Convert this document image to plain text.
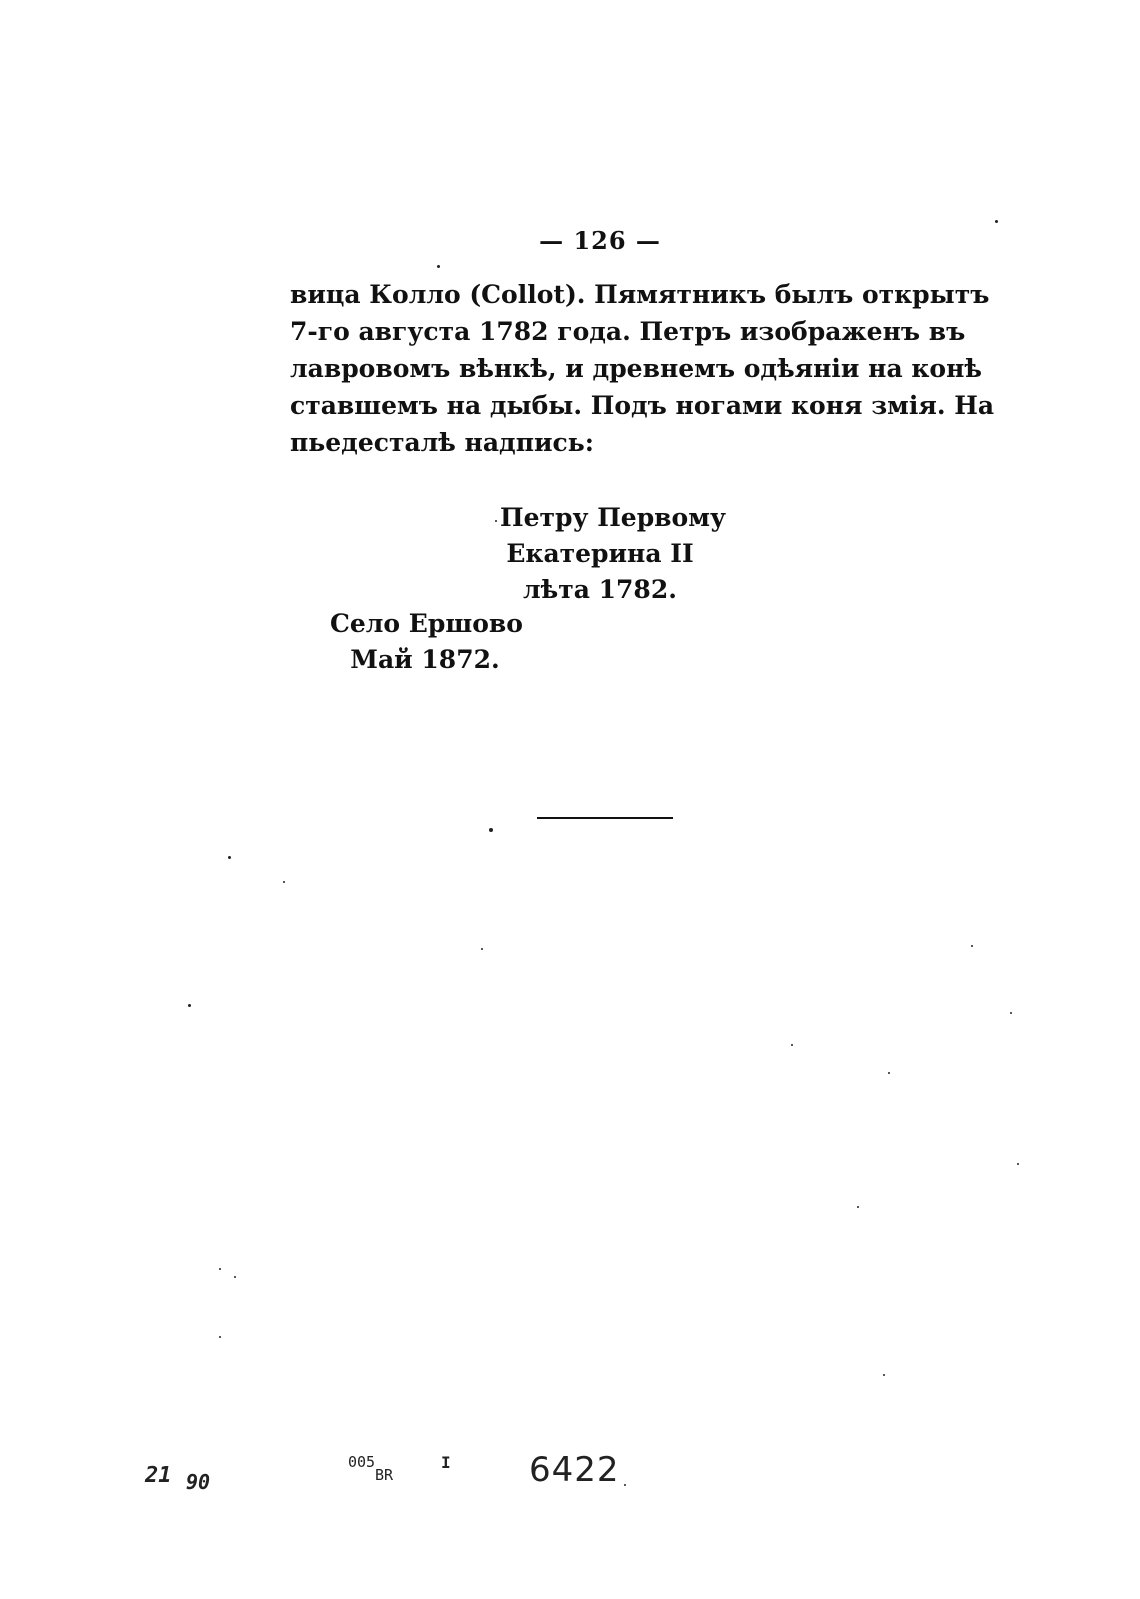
— 126 —
вица Колло (Collot). Пямятникъ былъ открытъ
7-го августа 1782 года. Петръ изображенъ въ
лавровомъ вѣнкѣ, и древнемъ одѣяніи на конѣ
ставшемъ на дыбы. Подъ ногами коня змія. На
пьедесталѣ надпись:
Петру Первому
Екатерина II
лѣта 1782.
Село Ершово
Май 1872.
21 90
005
BR
I 6422
